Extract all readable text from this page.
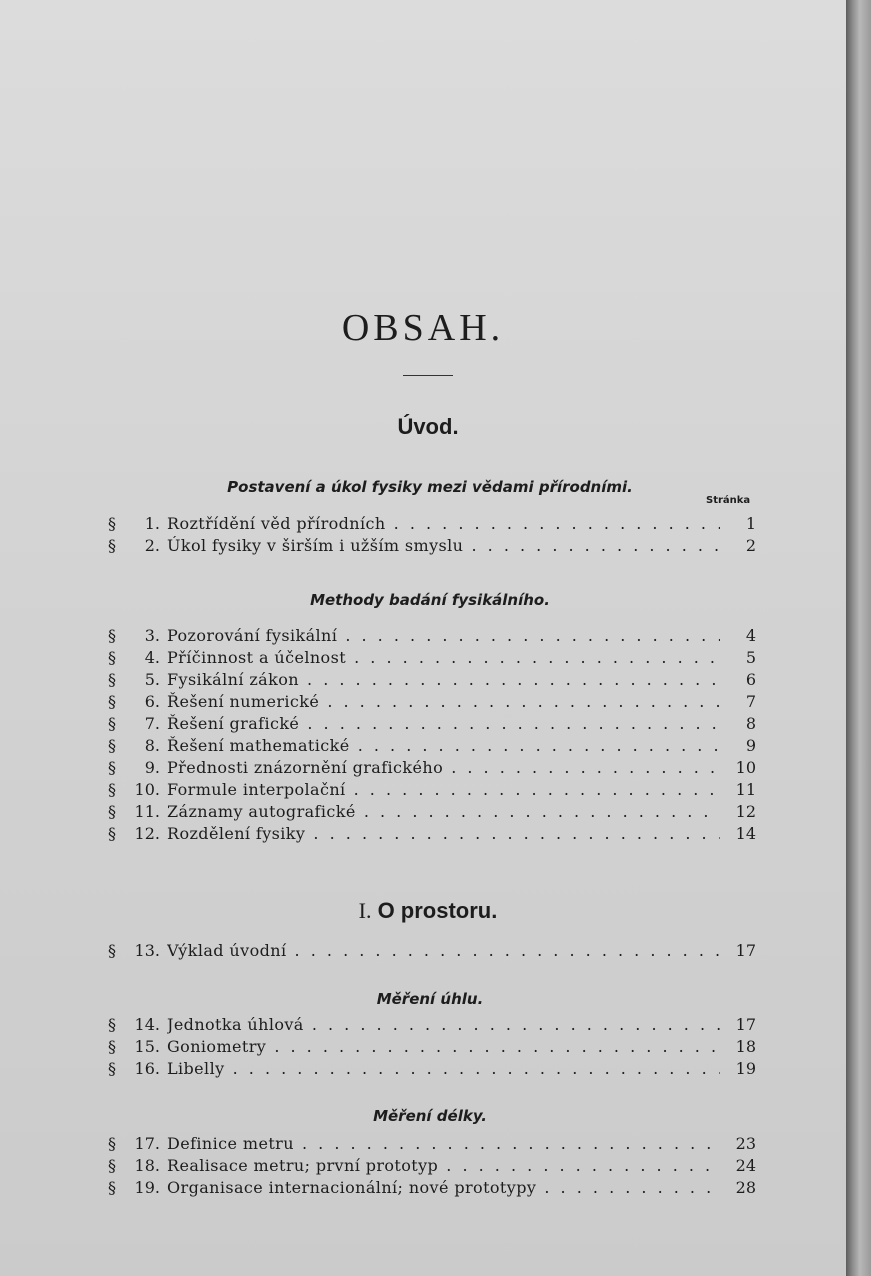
OBSAH.
Úvod.
Postavení a úkol fysiky mezi vědami přírodními.
Stránka
§	1. Roztřídění věd přírodních . . .	1
§	2. Úkol fysiky v širším i užším smyslu . . .	2
Methody badání fysikálního.
§	3. Pozorování fysikální . . .	4
§	4. Příčinnost a účelnost . . .	5
§	5. Fysikální zákon . . .	6
§	6. Řešení numerické . . .	7
§	7. Řešení grafické . . .	8
§	8. Řešení mathematické . . .	9
§	9. Přednosti znázornění grafického . . .	10
§	10. Formule interpolační . . .	11
§	11. Záznamy autografické . . .	12
§	12. Rozdělení fysiky . . .	14
I. O prostoru.
§	13. Výklad úvodní . . .	17
Měření úhlu.
§	14. Jednotka úhlová . . .	17
§	15. Goniometry . . .	18
§	16. Libelly . . .	19
Měření délky.
§	17. Definice metru . . .	23
§	18. Realisace metru; první prototyp . . .	24
§	19. Organisace internacionální; nové prototypy . . .	28
